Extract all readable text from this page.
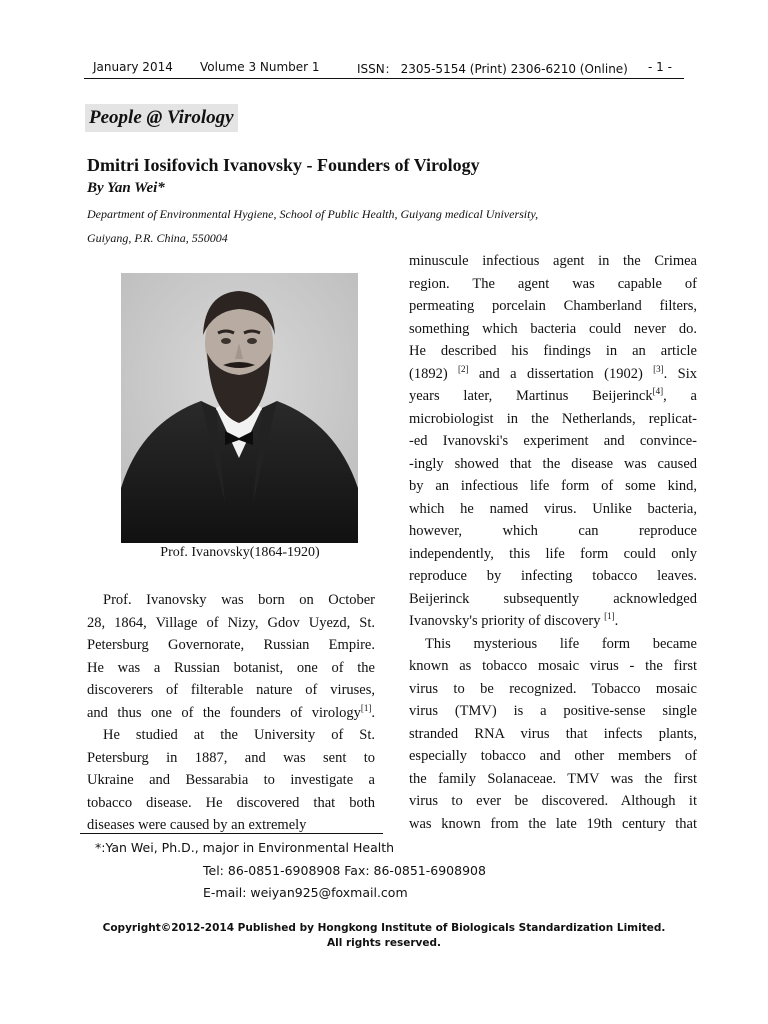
January 2014 Volume 3 Number 1	ISSN： 2305-5154 (Print) 2306-6210 (Online) - 1 -
People @ Virology
Dmitri Iosifovich Ivanovsky - Founders of Virology
By Yan Wei*
Department of Environmental Hygiene, School of Public Health, Guiyang medical University,
Guiyang, P.R. China, 550004
Prof. Ivanovsky(1864-1920)
Prof. Ivanovsky was born on October
28, 1864, Village of Nizy, Gdov Uyezd, St.
Petersburg Governorate, Russian Empire.
He was a Russian botanist, one of the
discoverers of filterable nature of viruses,
and thus one of the founders of virology[1].
He studied at the University of St.
Petersburg in 1887, and was sent to
Ukraine and Bessarabia to investigate a
tobacco disease. He discovered that both
diseases were caused by an extremely
minuscule infectious agent in the Crimea
region. The agent was capable of
permeating porcelain Chamberland filters,
something which bacteria could never do.
He described his findings in an article
(1892) [2] and a dissertation (1902) [3]. Six
years later, Martinus Beijerinck[4], a
microbiologist in the Netherlands, replicat-
-ed Ivanovski's experiment and convince-
-ingly showed that the disease was caused
by an infectious life form of some kind,
which he named virus. Unlike bacteria,
however, which can reproduce
independently, this life form could only
reproduce by infecting tobacco leaves.
Beijerinck subsequently acknowledged
Ivanovsky's priority of discovery [1].
This mysterious life form became
known as tobacco mosaic virus - the first
virus to be recognized. Tobacco mosaic
virus (TMV) is a positive-sense single
stranded RNA virus that infects plants,
especially tobacco and other members of
the family Solanaceae. TMV was the first
virus to ever be discovered. Although it
was known from the late 19th century that
*:Yan Wei, Ph.D., major in Environmental Health
Tel: 86-0851-6908908 Fax: 86-0851-6908908
E-mail: weiyan925@foxmail.com
Copyright©2012-2014 Published by Hongkong Institute of Biologicals Standardization Limited.
All rights reserved.
